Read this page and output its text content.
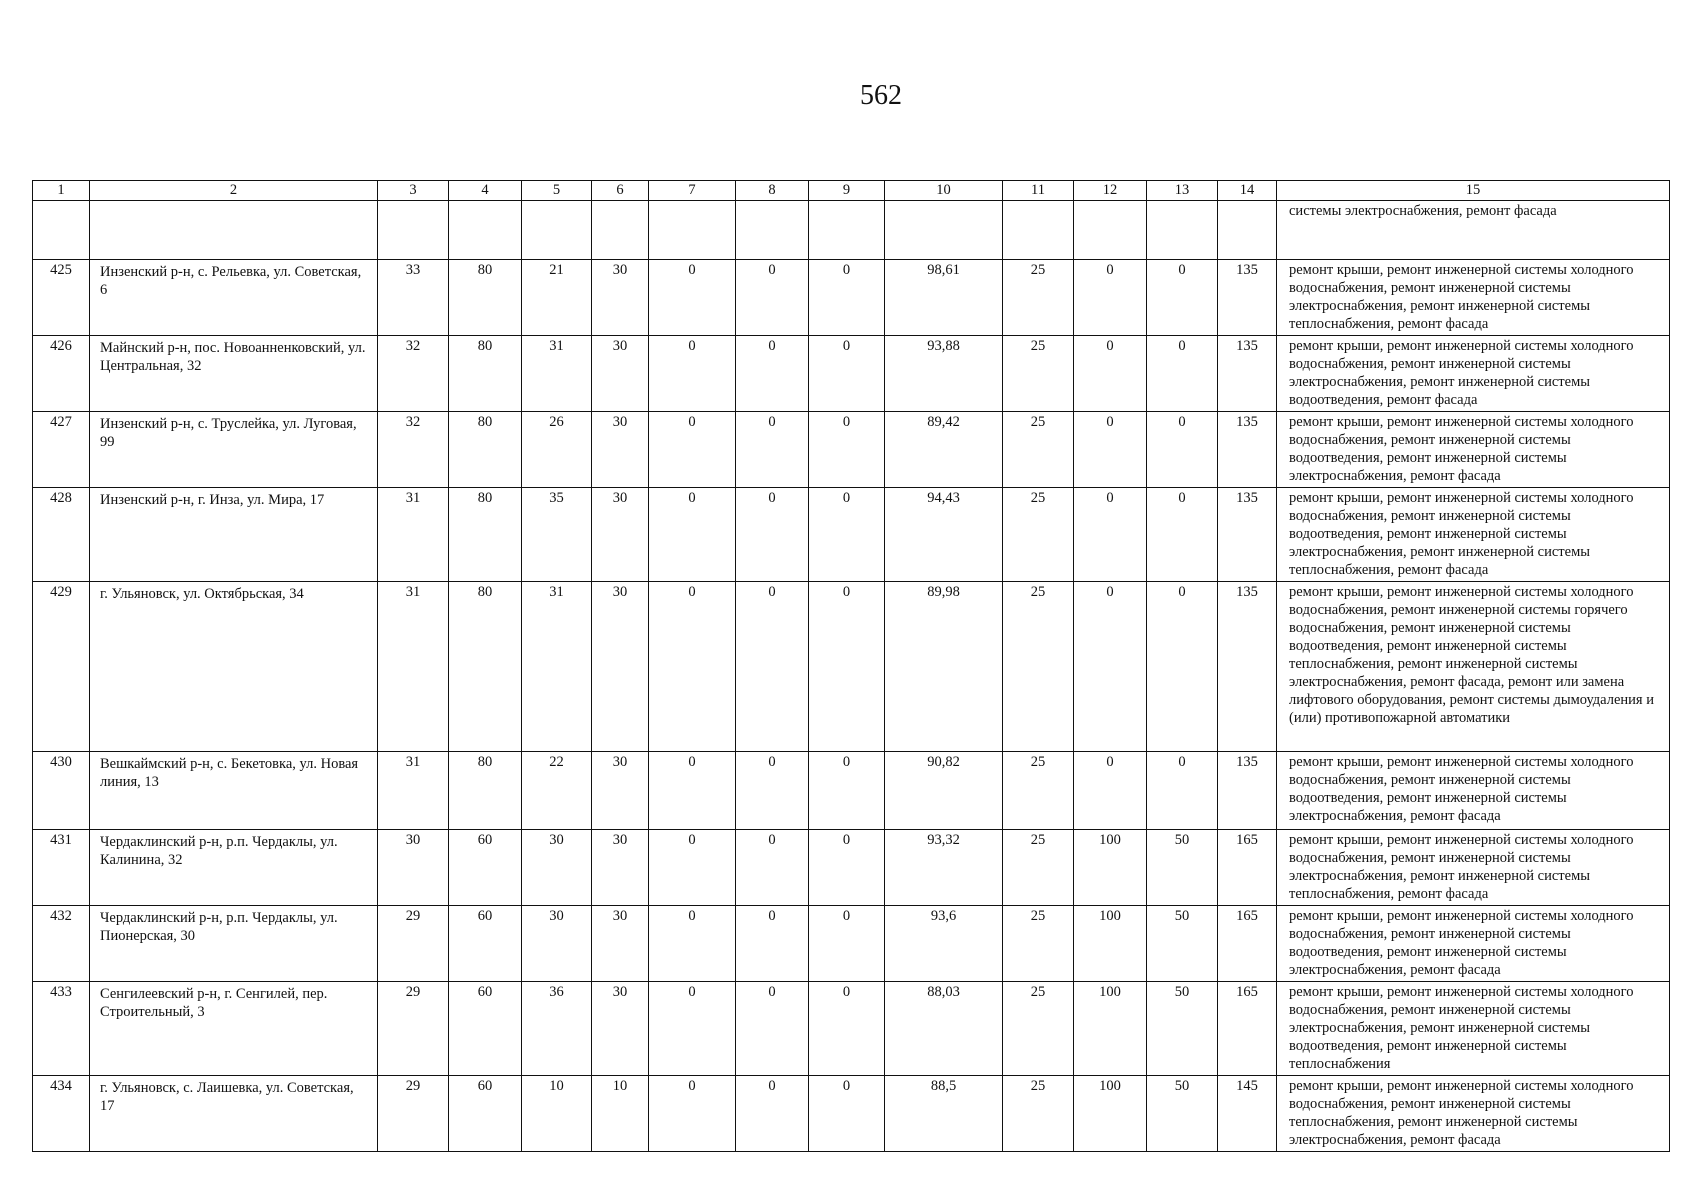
562
1	2	3	4	5	6	7	8	9	10	11	12	13	14	15
														системы электроснабжения, ремонт фасада
425	Инзенский р-н, с. Рельевка, ул. Советская, 6	33	80	21	30	0	0	0	98,61	25	0	0	135	ремонт крыши, ремонт инженерной системы холодного водоснабжения, ремонт инженерной системы электроснабжения, ремонт инженерной системы теплоснабжения, ремонт фасада
426	Майнский р-н, пос. Новоанненковский, ул. Центральная, 32	32	80	31	30	0	0	0	93,88	25	0	0	135	ремонт крыши, ремонт инженерной системы холодного водоснабжения, ремонт инженерной системы электроснабжения, ремонт инженерной системы водоотведения, ремонт фасада
427	Инзенский р-н, с. Труслейка, ул. Луговая, 99	32	80	26	30	0	0	0	89,42	25	0	0	135	ремонт крыши, ремонт инженерной системы холодного водоснабжения, ремонт инженерной системы водоотведения, ремонт инженерной системы электроснабжения, ремонт фасада
428	Инзенский р-н, г. Инза, ул. Мира, 17	31	80	35	30	0	0	0	94,43	25	0	0	135	ремонт крыши, ремонт инженерной системы холодного водоснабжения, ремонт инженерной системы водоотведения, ремонт инженерной системы электроснабжения, ремонт инженерной системы теплоснабжения, ремонт фасада
429	г. Ульяновск, ул. Октябрьская, 34	31	80	31	30	0	0	0	89,98	25	0	0	135	ремонт крыши, ремонт инженерной системы холодного водоснабжения, ремонт инженерной системы горячего водоснабжения, ремонт инженерной системы водоотведения, ремонт инженерной системы теплоснабжения, ремонт инженерной системы электроснабжения, ремонт фасада, ремонт или замена лифтового оборудования, ремонт системы дымоудаления и (или) противопожарной автоматики
430	Вешкаймский р-н, с. Бекетовка, ул. Новая линия, 13	31	80	22	30	0	0	0	90,82	25	0	0	135	ремонт крыши, ремонт инженерной системы холодного водоснабжения, ремонт инженерной системы водоотведения, ремонт инженерной системы электроснабжения, ремонт фасада
431	Чердаклинский р-н, р.п. Чердаклы, ул. Калинина, 32	30	60	30	30	0	0	0	93,32	25	100	50	165	ремонт крыши, ремонт инженерной системы холодного водоснабжения, ремонт инженерной системы электроснабжения, ремонт инженерной системы теплоснабжения, ремонт фасада
432	Чердаклинский р-н, р.п. Чердаклы, ул. Пионерская, 30	29	60	30	30	0	0	0	93,6	25	100	50	165	ремонт крыши, ремонт инженерной системы холодного водоснабжения, ремонт инженерной системы водоотведения, ремонт инженерной системы электроснабжения, ремонт фасада
433	Сенгилеевский р-н, г. Сенгилей, пер. Строительный, 3	29	60	36	30	0	0	0	88,03	25	100	50	165	ремонт крыши, ремонт инженерной системы холодного водоснабжения, ремонт инженерной системы электроснабжения, ремонт инженерной системы водоотведения, ремонт инженерной системы теплоснабжения
434	г. Ульяновск, с. Лаишевка, ул. Советская, 17	29	60	10	10	0	0	0	88,5	25	100	50	145	ремонт крыши, ремонт инженерной системы холодного водоснабжения, ремонт инженерной системы теплоснабжения, ремонт инженерной системы электроснабжения, ремонт фасада
